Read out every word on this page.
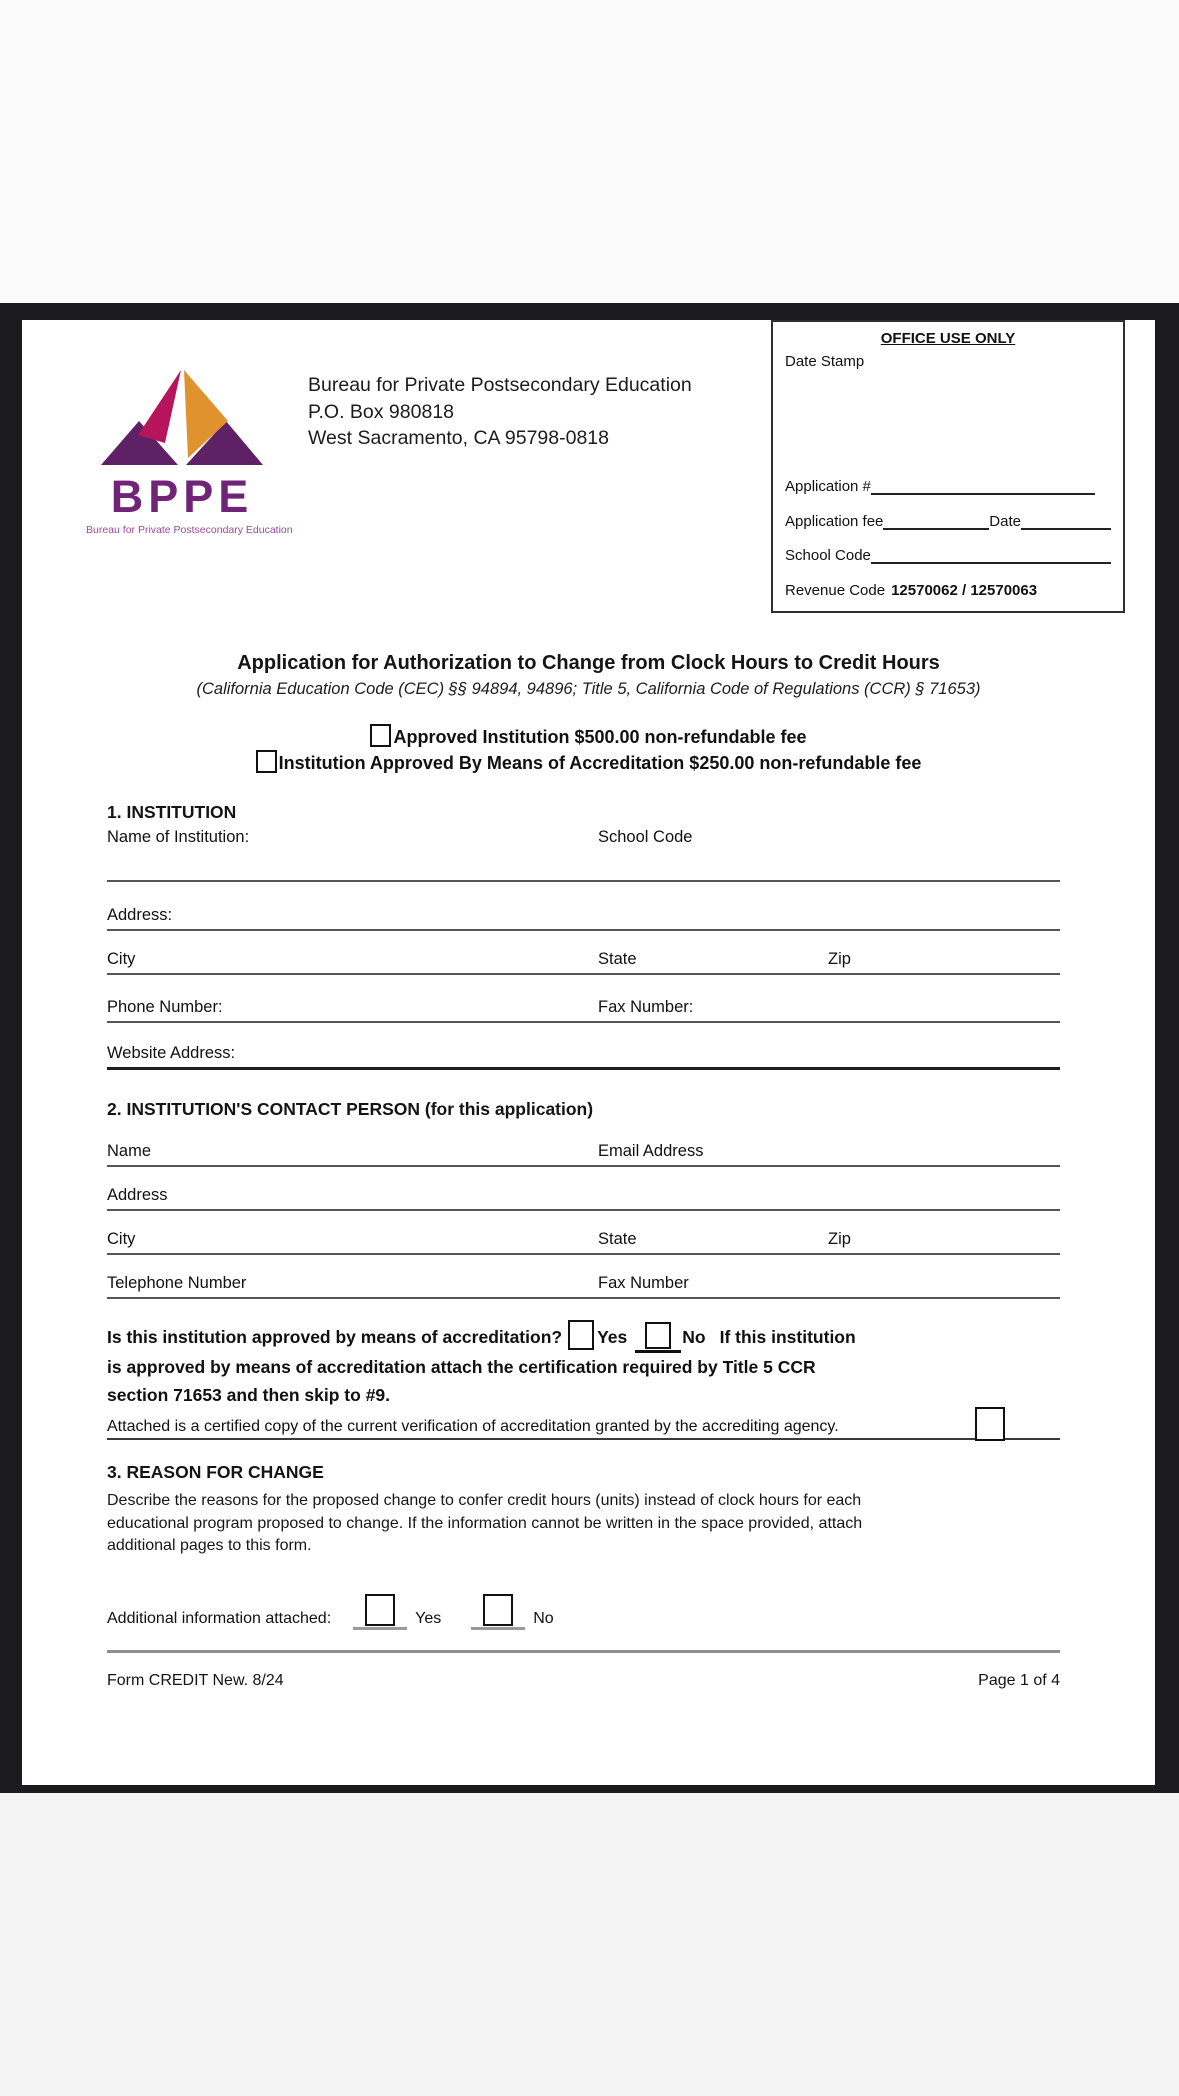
BPPE
Bureau for Private Postsecondary Education
Bureau for Private Postsecondary Education
P.O. Box 980818
West Sacramento, CA 95798-0818
OFFICE USE ONLY
Date Stamp
Application #
Application fee	Date
School Code
Revenue Code 12570062 / 12570063
Application for Authorization to Change from Clock Hours to Credit Hours
(California Education Code (CEC) §§ 94894, 94896; Title 5, California Code of Regulations (CCR) § 71653)
Approved Institution $500.00 non-refundable fee
Institution Approved By Means of Accreditation $250.00 non-refundable fee
1. INSTITUTION
Name of Institution:	School Code
Address:
City	State	Zip
Phone Number:	Fax Number:
Website Address:
2. INSTITUTION'S CONTACT PERSON (for this application)
Name	Email Address
Address
City	State	Zip
Telephone Number	Fax Number
Is this institution approved by means of accreditation? Yes	No If this institution
is approved by means of accreditation attach the certification required by Title 5 CCR
section 71653 and then skip to #9.
Attached is a certified copy of the current verification of accreditation granted by the accrediting agency.
3. REASON FOR CHANGE
Describe the reasons for the proposed change to confer credit hours (units) instead of clock hours for each
educational program proposed to change. If the information cannot be written in the space provided, attach
additional pages to this form.
Additional information attached:	Yes	No
Form CREDIT New. 8/24	Page 1 of 4
